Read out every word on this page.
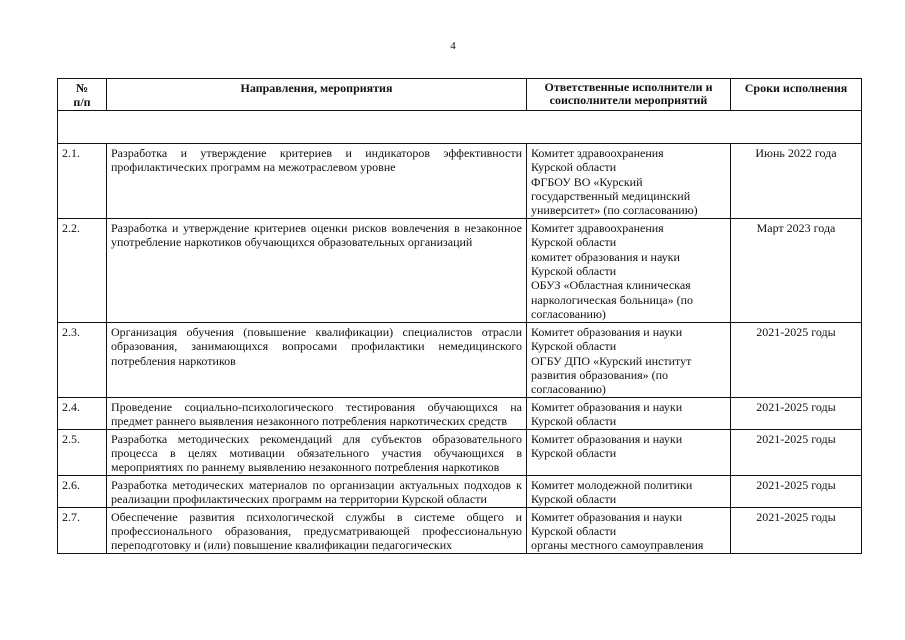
4
№
п/п	Направления, мероприятия	Ответственные исполнители и соисполнители мероприятий	Сроки исполнения

2.1.	Разработка и утверждение критериев и индикаторов эффективности профилактических программ на межотраслевом уровне	Комитет здравоохранения
Курской области
ФГБОУ ВО «Курский государственный медицинский университет» (по согласованию)	Июнь 2022 года
2.2.	Разработка и утверждение критериев оценки рисков вовлечения в незаконное употребление наркотиков обучающихся образовательных организаций	Комитет здравоохранения
Курской области
комитет образования и науки
Курской области
ОБУЗ «Областная клиническая наркологическая больница» (по согласованию)	Март 2023 года
2.3.	Организация обучения (повышение квалификации) специалистов отрасли образования, занимающихся вопросами профилактики немедицинского потребления наркотиков	Комитет образования и науки
Курской области
ОГБУ ДПО «Курский институт развития образования» (по согласованию)	2021-2025 годы
2.4.	Проведение социально-психологического тестирования обучающихся на предмет раннего выявления незаконного потребления наркотических средств	Комитет образования и науки
Курской области	2021-2025 годы
2.5.	Разработка методических рекомендаций для субъектов образовательного процесса в целях мотивации обязательного участия обучающихся в мероприятиях по раннему выявлению незаконного потребления наркотиков	Комитет образования и науки
Курской области	2021-2025 годы
2.6.	Разработка методических материалов по организации актуальных подходов к реализации профилактических программ на территории Курской области	Комитет молодежной политики
Курской области	2021-2025 годы
2.7.	Обеспечение развития психологической службы в системе общего и профессионального образования, предусматривающей профессиональную переподготовку и (или) повышение квалификации педагогических	Комитет образования и науки
Курской области
органы местного самоуправления	2021-2025 годы
